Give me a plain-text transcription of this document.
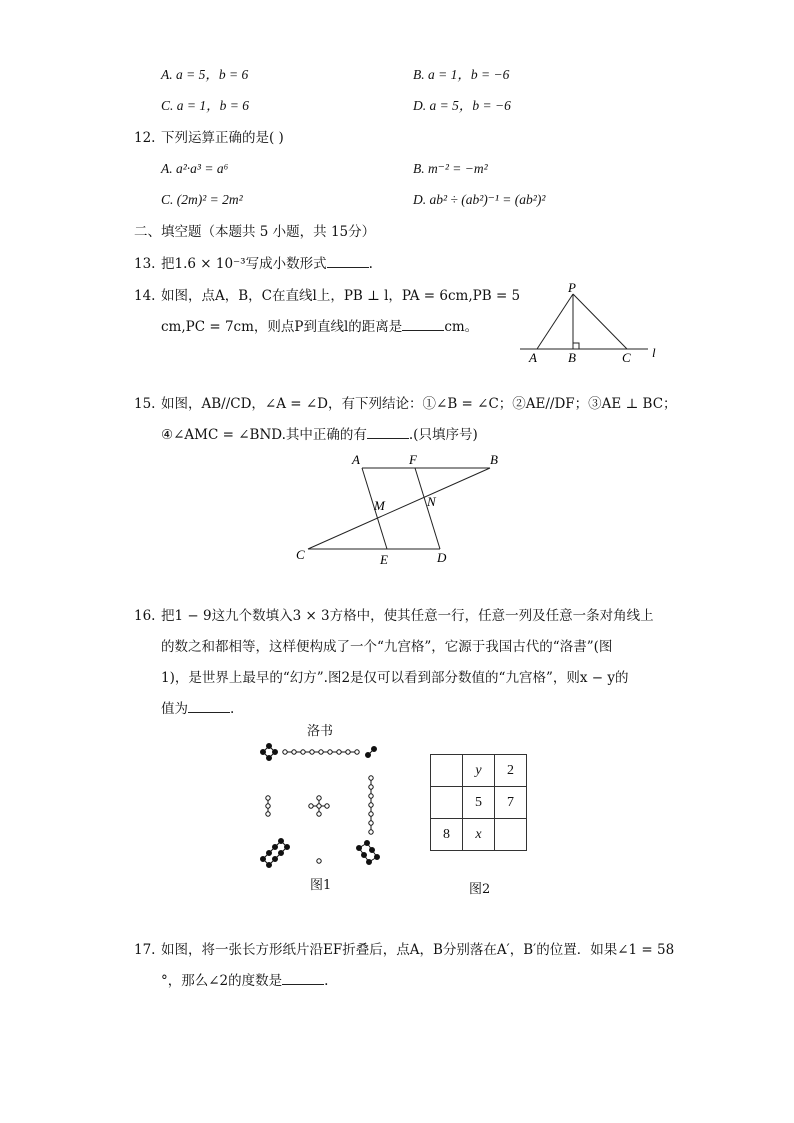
A. a = 5，b = 6	B. a = 1，b = −6
C. a = 1，b = 6	D. a = 5，b = −6
12. 下列运算正确的是( )
A. a²·a³ = a⁶	B. m⁻² = −m²
C. (2m)² = 2m²	D. ab² ÷ (ab²)⁻¹ = (ab²)²
二、填空题（本题共 5 小题，共 15分）
13. 把1.6 × 10⁻³写成小数形式	.
14. 如图，点A，B，C在直线l上，PB ⊥ l，PA = 6cm,PB = 5
cm,PC = 7cm，则点P到直线l的距离是	cm。
P
A B	C l
15. 如图，AB//CD，∠A = ∠D，有下列结论：①∠B = ∠C；②AE//DF；③AE ⊥ BC；
④∠AMC = ∠BND.其中正确的有	.(只填序号)
A	F	B
M	N
C	E	D
16. 把1 − 9这九个数填入3 × 3方格中，使其任意一行，任意一列及任意一条对角线上
的数之和都相等，这样便构成了一个“九宫格”，它源于我国古代的“洛書”(图
1)，是世界上最早的“幻方”.图2是仅可以看到部分数值的“九宫格”，则x − y的
值为	.
洛书
图1
	y	2
	5	7
8	x	
图2
17. 如图，将一张长方形纸片沿EF折叠后，点A，B分别落在A′，B′的位置．如果∠1 = 58
°，那么∠2的度数是	.
